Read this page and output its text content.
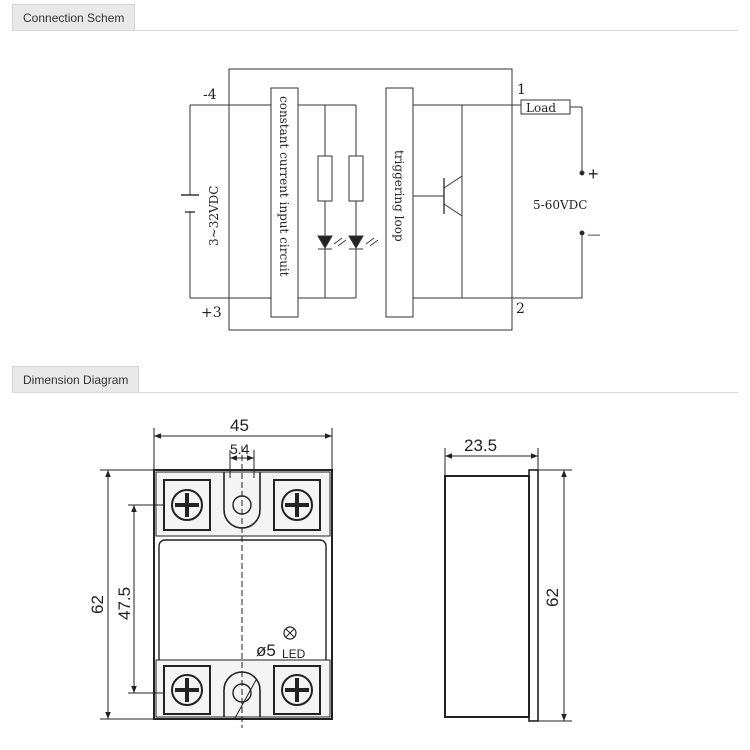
Connection Schem
Dimension Diagram
-4
+3
1
2
3~32VDC	constant current input circuit	triggering loop
Load
5-60VDC
+
—
45
5.4
62 47.5
ø5 LED
23.5
62
